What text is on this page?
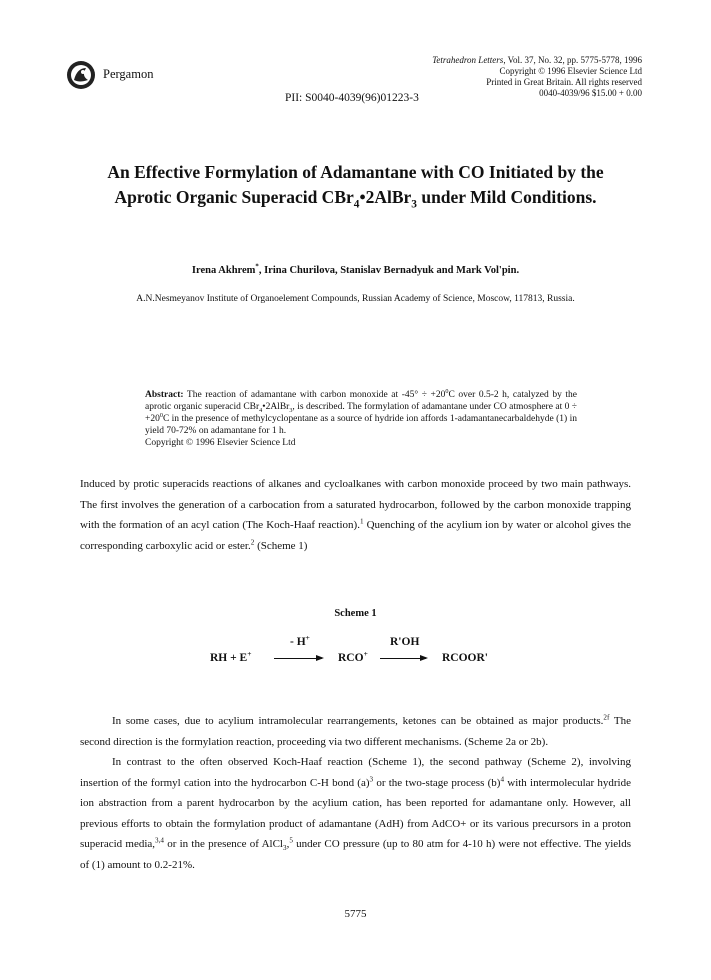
Pergamon
PII: S0040-4039(96)01223-3
Tetrahedron Letters, Vol. 37, No. 32, pp. 5775-5778, 1996
Copyright © 1996 Elsevier Science Ltd
Printed in Great Britain. All rights reserved
0040-4039/96 $15.00 + 0.00
An Effective Formylation of Adamantane with CO Initiated by the
Aprotic Organic Superacid CBr$_4$•2AlBr$_3$ under Mild Conditions.
Irena Akhrem*, Irina Churilova, Stanislav Bernadyuk and Mark Vol'pin.
A.N.Nesmeyanov Institute of Organoelement Compounds, Russian Academy of Science, Moscow, 117813, Russia.

Abstract: The reaction of adamantane with carbon monoxide at $-45^\circ \div +20^0C$ over 0.5-2 h, catalyzed by the aprotic organic superacid CBr$_4$•2AlBr$_3$, is described. The formylation of adamantane under CO atmosphere at $0 \div +20^0C$ in the presence of methylcyclopentane as a source of hydride ion affords 1-adamantanecarbaldehyde (1) in yield 70-72% on adamantane for 1 h.

Copyright © 1996 Elsevier Science Ltd

Induced by protic superacids reactions of alkanes and cycloalkanes with carbon monoxide proceed by two main pathways. The first involves the generation of a carbocation from a saturated hydrocarbon, followed by the carbon monoxide trapping with the formation of an acyl cation (The Koch-Haaf reaction).$^1$ Quenching of the acylium ion by water or alcohol gives the corresponding carboxylic acid or ester.$^2$ (Scheme 1)

Scheme 1
RH + E+
- H+
RCO+
R'OH
→ RCOOR'

In some cases, due to acylium intramolecular rearrangements, ketones can be obtained as major products.$^{2f}$ The second direction is the formylation reaction, proceeding via two different mechanisms. (Scheme 2a or 2b).

In contrast to the often observed Koch-Haaf reaction (Scheme 1), the second pathway (Scheme 2), involving insertion of the formyl cation into the hydrocarbon C-H bond $(a)^3$ or the two-stage process $(b)^4$ with intermolecular hydride ion abstraction from a parent hydrocarbon by the acylium cation, has been reported for adamantane only. However, all previous efforts to obtain the formylation product of adamantane (AdH) from AdCO+ or its various precursors in a proton superacid media,$^{3,4}$ or in the presence of AlCl$_3$,$^5$ under CO pressure (up to 80 atm for 4-10 h) were not effective. The yields of (1) amount to 0.2-21%.

5775
